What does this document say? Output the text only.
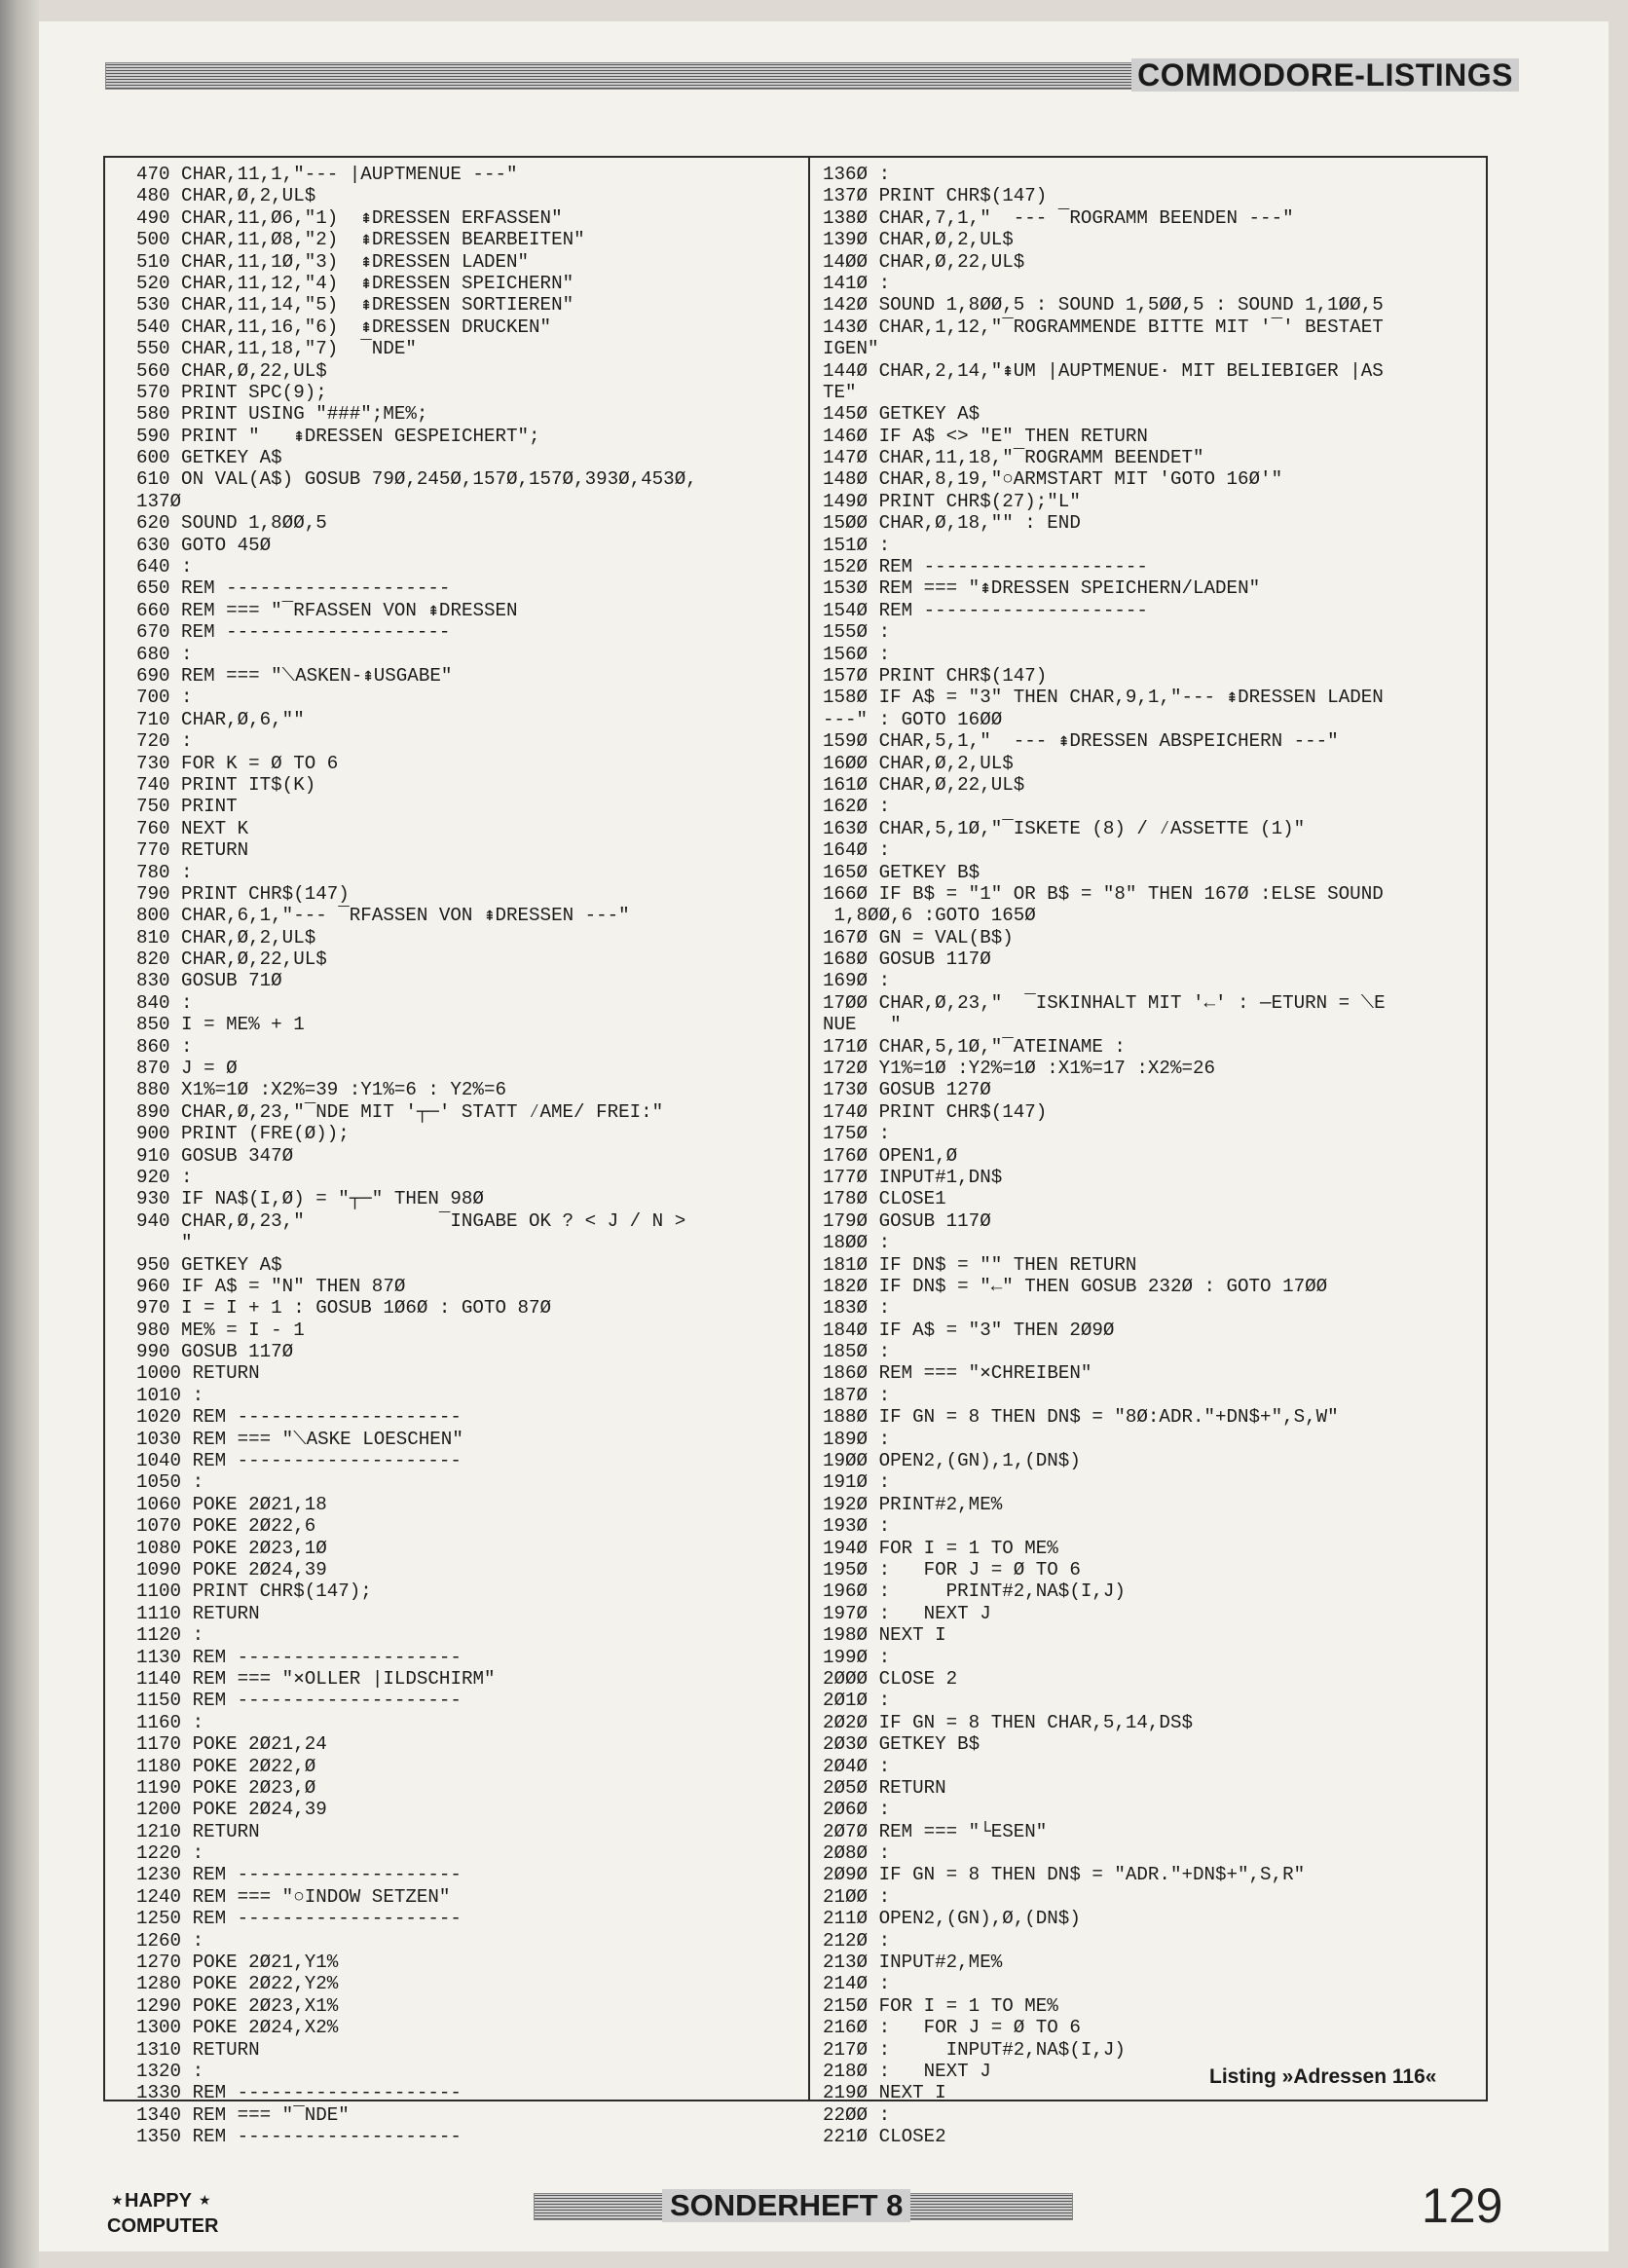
COMMODORE-LISTINGS
470 CHAR,11,1,"--- |AUPTMENUE ---"
480 CHAR,Ø,2,UL$
490 CHAR,11,Ø6,"1)  ⇞DRESSEN ERFASSEN"
500 CHAR,11,Ø8,"2)  ⇞DRESSEN BEARBEITEN"
510 CHAR,11,1Ø,"3)  ⇞DRESSEN LADEN"
520 CHAR,11,12,"4)  ⇞DRESSEN SPEICHERN"
530 CHAR,11,14,"5)  ⇞DRESSEN SORTIEREN"
540 CHAR,11,16,"6)  ⇞DRESSEN DRUCKEN"
550 CHAR,11,18,"7)  ‾NDE"
560 CHAR,Ø,22,UL$
570 PRINT SPC(9);
580 PRINT USING "###";ME%;
590 PRINT "   ⇞DRESSEN GESPEICHERT";
600 GETKEY A$
610 ON VAL(A$) GOSUB 79Ø,245Ø,157Ø,157Ø,393Ø,453Ø,
137Ø
620 SOUND 1,8ØØ,5
630 GOTO 45Ø
640 :
650 REM --------------------
660 REM === "‾RFASSEN VON ⇞DRESSEN
670 REM --------------------
680 :
690 REM === "⟍ASKEN-⇞USGABE"
700 :
710 CHAR,Ø,6,""
720 :
730 FOR K = Ø TO 6
740 PRINT IT$(K)
750 PRINT
760 NEXT K
770 RETURN
780 :
790 PRINT CHR$(147)
800 CHAR,6,1,"--- ‾RFASSEN VON ⇞DRESSEN ---"
810 CHAR,Ø,2,UL$
820 CHAR,Ø,22,UL$
830 GOSUB 71Ø
840 :
850 I = ME% + 1
860 :
870 J = Ø
880 X1%=1Ø :X2%=39 :Y1%=6 : Y2%=6
890 CHAR,Ø,23,"‾NDE MIT '┬─' STATT ⁄AME/ FREI:"
900 PRINT (FRE(Ø));
910 GOSUB 347Ø
920 :
930 IF NA$(I,Ø) = "┬─" THEN 98Ø
940 CHAR,Ø,23,"            ‾INGABE OK ? < J / N >
"
950 GETKEY A$
960 IF A$ = "N" THEN 87Ø
970 I = I + 1 : GOSUB 1Ø6Ø : GOTO 87Ø
980 ME% = I - 1
990 GOSUB 117Ø
1000 RETURN
1010 :
1020 REM --------------------
1030 REM === "⟍ASKE LOESCHEN"
1040 REM --------------------
1050 :
1060 POKE 2Ø21,18
1070 POKE 2Ø22,6
1080 POKE 2Ø23,1Ø
1090 POKE 2Ø24,39
1100 PRINT CHR$(147);
1110 RETURN
1120 :
1130 REM --------------------
1140 REM === "⨯OLLER |ILDSCHIRM"
1150 REM --------------------
1160 :
1170 POKE 2Ø21,24
1180 POKE 2Ø22,Ø
1190 POKE 2Ø23,Ø
1200 POKE 2Ø24,39
1210 RETURN
1220 :
1230 REM --------------------
1240 REM === "○INDOW SETZEN"
1250 REM --------------------
1260 :
1270 POKE 2Ø21,Y1%
1280 POKE 2Ø22,Y2%
1290 POKE 2Ø23,X1%
1300 POKE 2Ø24,X2%
1310 RETURN
1320 :
1330 REM --------------------
1340 REM === "‾NDE"
1350 REM --------------------
136Ø :
137Ø PRINT CHR$(147)
138Ø CHAR,7,1,"  --- ‾ROGRAMM BEENDEN ---"
139Ø CHAR,Ø,2,UL$
14ØØ CHAR,Ø,22,UL$
141Ø :
142Ø SOUND 1,8ØØ,5 : SOUND 1,5ØØ,5 : SOUND 1,1ØØ,5
143Ø CHAR,1,12,"‾ROGRAMMENDE BITTE MIT '‾' BESTAET
IGEN"
144Ø CHAR,2,14,"⇞UM |AUPTMENUE· MIT BELIEBIGER |AS
TE"
145Ø GETKEY A$
146Ø IF A$ <> "E" THEN RETURN
147Ø CHAR,11,18,"‾ROGRAMM BEENDET"
148Ø CHAR,8,19,"○ARMSTART MIT 'GOTO 16Ø'"
149Ø PRINT CHR$(27);"L"
15ØØ CHAR,Ø,18,"" : END
151Ø :
152Ø REM --------------------
153Ø REM === "⇞DRESSEN SPEICHERN/LADEN"
154Ø REM --------------------
155Ø :
156Ø :
157Ø PRINT CHR$(147)
158Ø IF A$ = "3" THEN CHAR,9,1,"--- ⇞DRESSEN LADEN
---" : GOTO 16ØØ
159Ø CHAR,5,1,"  --- ⇞DRESSEN ABSPEICHERN ---"
16ØØ CHAR,Ø,2,UL$
161Ø CHAR,Ø,22,UL$
162Ø :
163Ø CHAR,5,1Ø,"‾ISKETE (8) / ⁄ASSETTE (1)"
164Ø :
165Ø GETKEY B$
166Ø IF B$ = "1" OR B$ = "8" THEN 167Ø :ELSE SOUND
1,8ØØ,6 :GOTO 165Ø
167Ø GN = VAL(B$)
168Ø GOSUB 117Ø
169Ø :
17ØØ CHAR,Ø,23,"  ‾ISKINHALT MIT '←' : —ETURN = ⟍E
NUE   "
171Ø CHAR,5,1Ø,"‾ATEINAME :
172Ø Y1%=1Ø :Y2%=1Ø :X1%=17 :X2%=26
173Ø GOSUB 127Ø
174Ø PRINT CHR$(147)
175Ø :
176Ø OPEN1,Ø
177Ø INPUT#1,DN$
178Ø CLOSE1
179Ø GOSUB 117Ø
18ØØ :
181Ø IF DN$ = "" THEN RETURN
182Ø IF DN$ = "←" THEN GOSUB 232Ø : GOTO 17ØØ
183Ø :
184Ø IF A$ = "3" THEN 2Ø9Ø
185Ø :
186Ø REM === "⨯CHREIBEN"
187Ø :
188Ø IF GN = 8 THEN DN$ = "8Ø:ADR."+DN$+",S,W"
189Ø :
19ØØ OPEN2,(GN),1,(DN$)
191Ø :
192Ø PRINT#2,ME%
193Ø :
194Ø FOR I = 1 TO ME%
195Ø :   FOR J = Ø TO 6
196Ø :     PRINT#2,NA$(I,J)
197Ø :   NEXT J
198Ø NEXT I
199Ø :
2ØØØ CLOSE 2
2Ø1Ø :
2Ø2Ø IF GN = 8 THEN CHAR,5,14,DS$
2Ø3Ø GETKEY B$
2Ø4Ø :
2Ø5Ø RETURN
2Ø6Ø :
2Ø7Ø REM === "└ESEN"
2Ø8Ø :
2Ø9Ø IF GN = 8 THEN DN$ = "ADR."+DN$+",S,R"
21ØØ :
211Ø OPEN2,(GN),Ø,(DN$)
212Ø :
213Ø INPUT#2,ME%
214Ø :
215Ø FOR I = 1 TO ME%
216Ø :   FOR J = Ø TO 6
217Ø :     INPUT#2,NA$(I,J)
218Ø :   NEXT J
219Ø NEXT I
22ØØ :
221Ø CLOSE2
Listing »Adressen 116«
HAPPY
COMPUTER
★	★	SONDERHEFT 8	129
